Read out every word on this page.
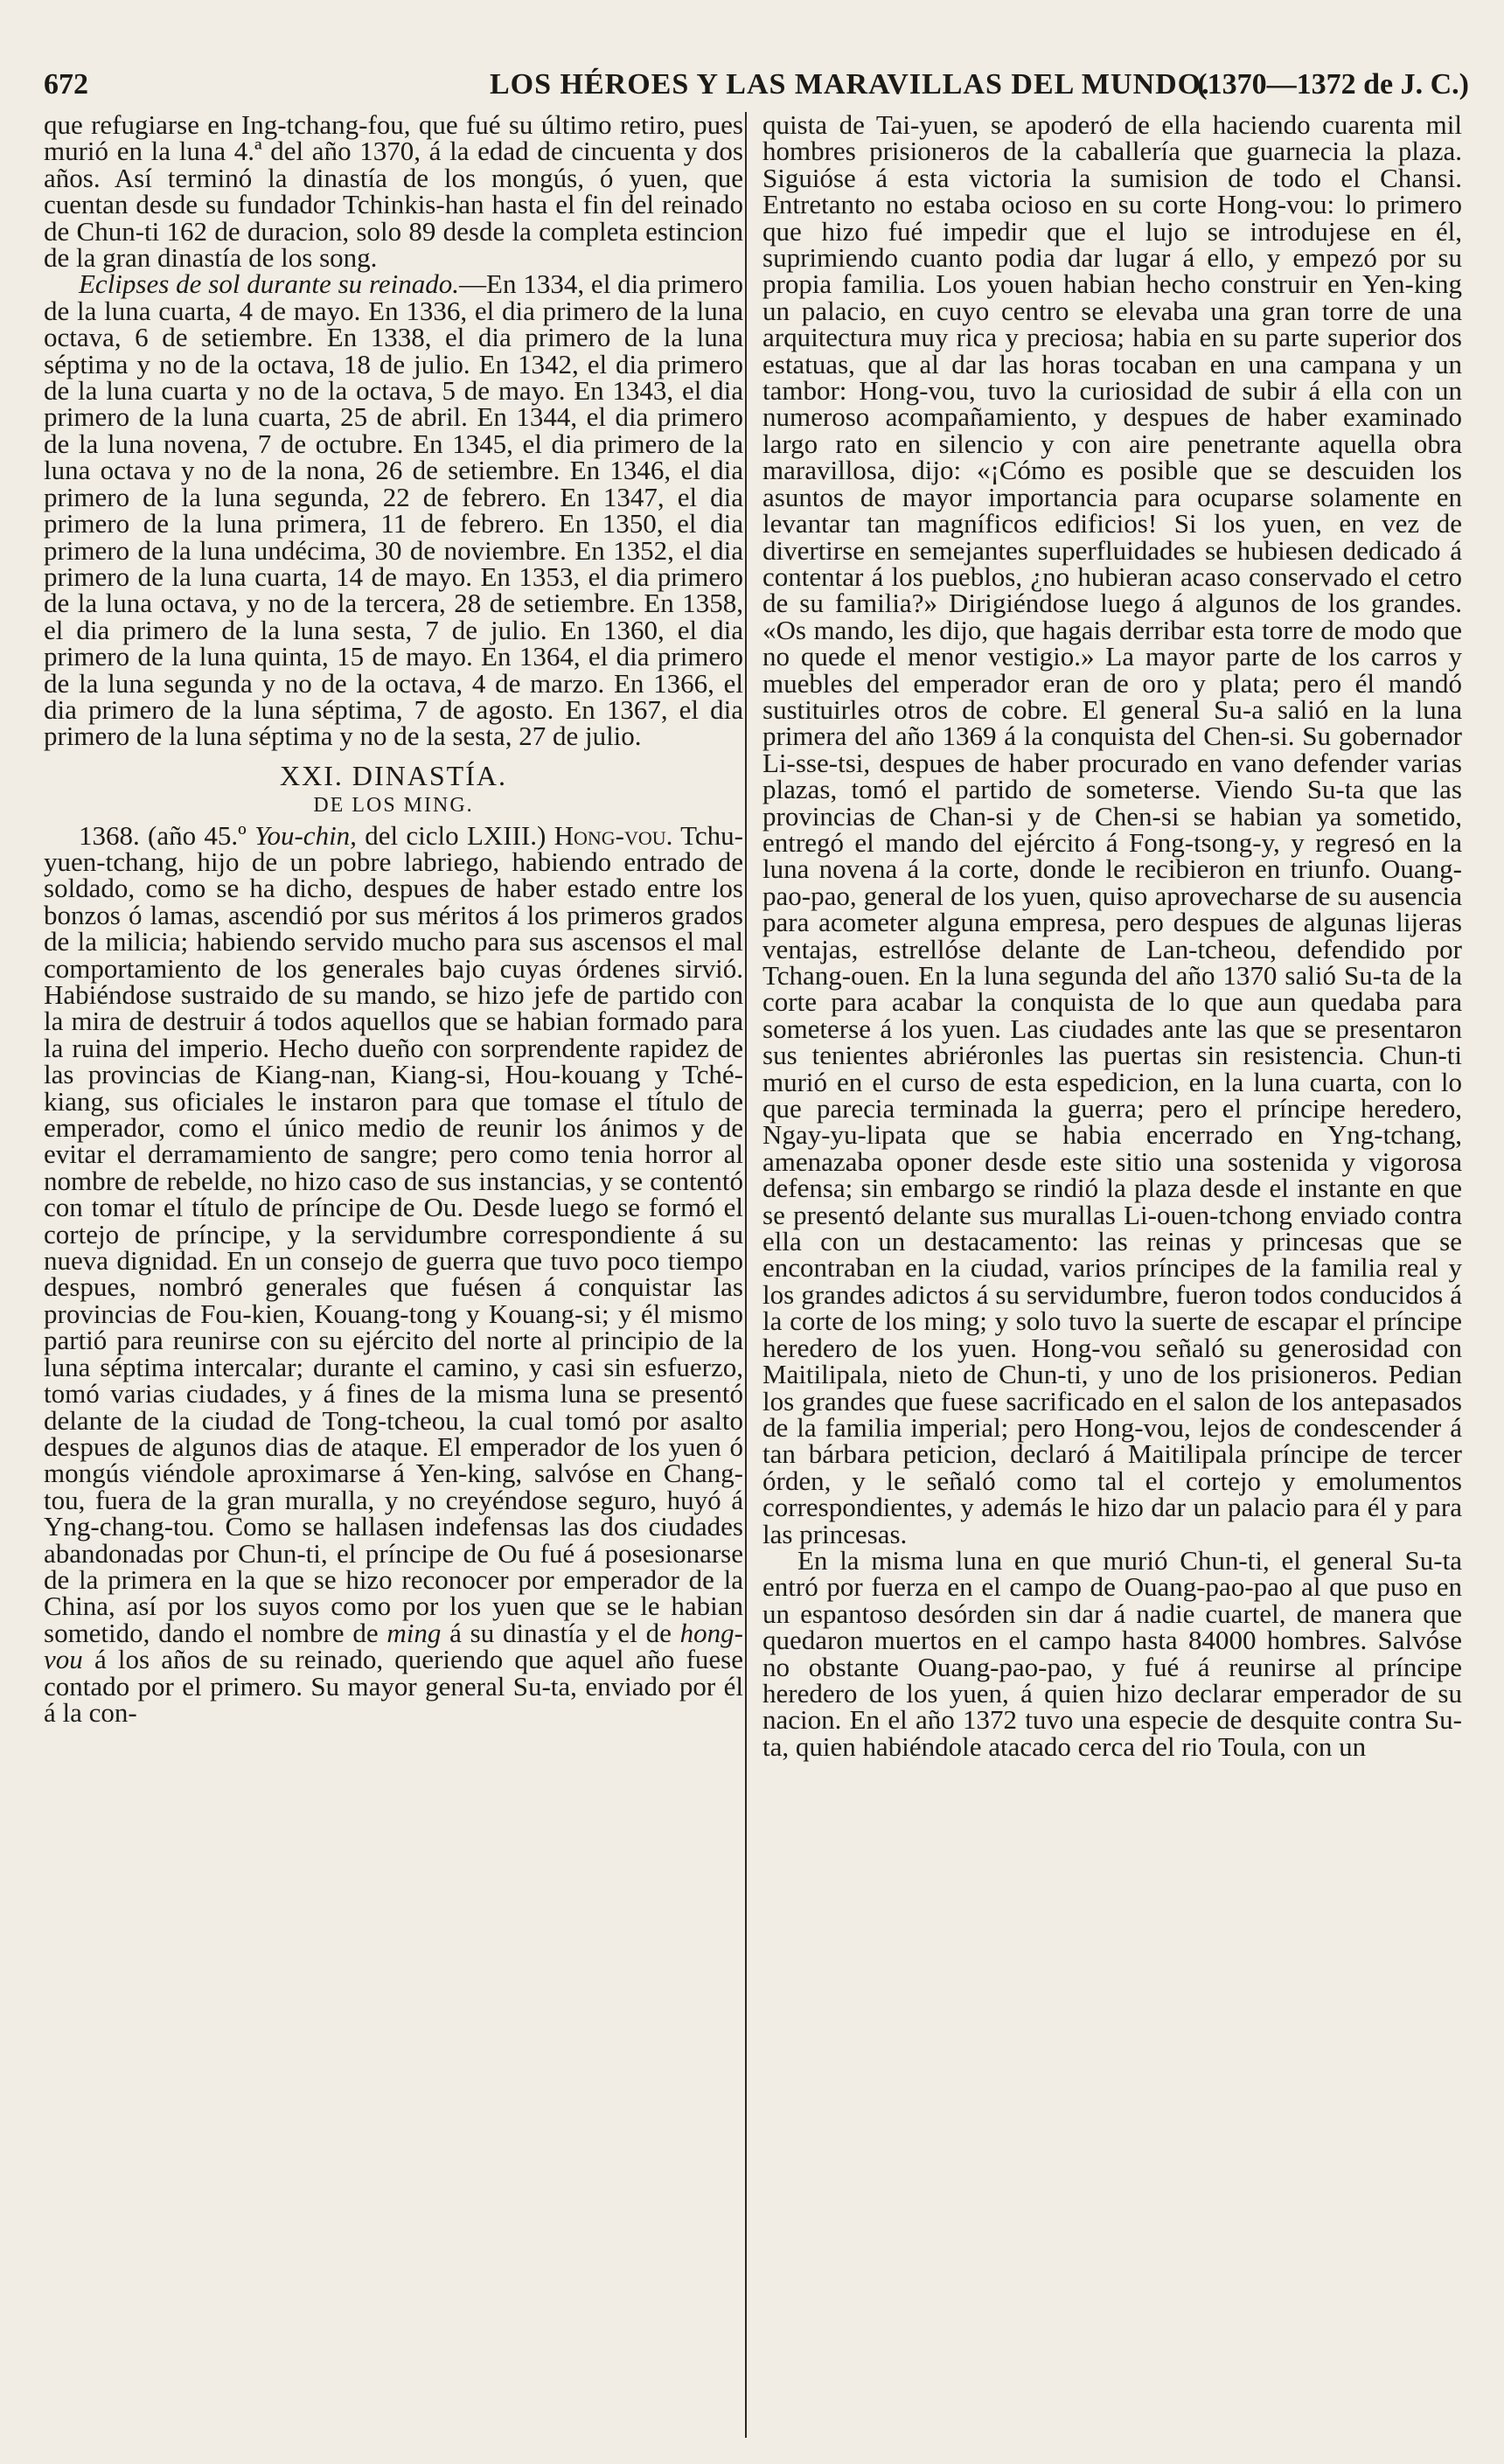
672	LOS HÉROES Y LAS MARAVILLAS DEL MUNDO.
(1370—1372 de J. C.)

que refugiarse en Ing-tchang-fou, que fué su último retiro, pues murió en la luna 4.ª del año 1370, á la edad de cincuenta y dos años. Así terminó la dinastía de los mongús, ó yuen, que cuentan desde su fundador Tchinkis-han hasta el fin del reinado de Chun-ti 162 de duracion, solo 89 desde la completa estincion de la gran dinastía de los song.

Eclipses de sol durante su reinado.—En 1334, el dia primero de la luna cuarta, 4 de mayo. En 1336, el dia primero de la luna octava, 6 de setiembre. En 1338, el dia primero de la luna séptima y no de la octava, 18 de julio. En 1342, el dia primero de la luna cuarta y no de la octava, 5 de mayo. En 1343, el dia primero de la luna cuarta, 25 de abril. En 1344, el dia primero de la luna novena, 7 de octubre. En 1345, el dia primero de la luna octava y no de la nona, 26 de setiembre. En 1346, el dia primero de la luna segunda, 22 de febrero. En 1347, el dia primero de la luna primera, 11 de febrero. En 1350, el dia primero de la luna undécima, 30 de noviembre. En 1352, el dia primero de la luna cuarta, 14 de mayo. En 1353, el dia primero de la luna octava, y no de la tercera, 28 de setiembre. En 1358, el dia primero de la luna sesta, 7 de julio. En 1360, el dia primero de la luna quinta, 15 de mayo. En 1364, el dia primero de la luna segunda y no de la octava, 4 de marzo. En 1366, el dia primero de la luna séptima, 7 de agosto. En 1367, el dia primero de la luna séptima y no de la sesta, 27 de julio.

XXI. DINASTÍA.
DE LOS MING.

1368. (año 45.º You-chin, del ciclo LXIII.) Hong-vou. Tchu-yuen-tchang, hijo de un pobre labriego, habiendo entrado de soldado, como se ha dicho, despues de haber estado entre los bonzos ó lamas, ascendió por sus méritos á los primeros grados de la milicia; habiendo servido mucho para sus ascensos el mal comportamiento de los generales bajo cuyas órdenes sirvió. Habiéndose sustraido de su mando, se hizo jefe de partido con la mira de destruir á todos aquellos que se habian formado para la ruina del imperio. Hecho dueño con sorprendente rapidez de las provincias de Kiang-nan, Kiang-si, Hou-kouang y Tché-kiang, sus oficiales le instaron para que tomase el título de emperador, como el único medio de reunir los ánimos y de evitar el derramamiento de sangre; pero como tenia horror al nombre de rebelde, no hizo caso de sus instancias, y se contentó con tomar el título de príncipe de Ou. Desde luego se formó el cortejo de príncipe, y la servidumbre correspondiente á su nueva dignidad. En un consejo de guerra que tuvo poco tiempo despues, nombró generales que fuésen á conquistar las provincias de Fou-kien, Kouang-tong y Kouang-si; y él mismo partió para reunirse con su ejército del norte al principio de la luna séptima intercalar; durante el camino, y casi sin esfuerzo, tomó varias ciudades, y á fines de la misma luna se presentó delante de la ciudad de Tong-tcheou, la cual tomó por asalto despues de algunos dias de ataque. El emperador de los yuen ó mongús viéndole aproximarse á Yen-king, salvóse en Chang-tou, fuera de la gran muralla, y no creyéndose seguro, huyó á Yng-chang-tou. Como se hallasen indefensas las dos ciudades abandonadas por Chun-ti, el príncipe de Ou fué á posesionarse de la primera en la que se hizo reconocer por emperador de la China, así por los suyos como por los yuen que se le habian sometido, dando el nombre de ming á su dinastía y el de hong-vou á los años de su reinado, queriendo que aquel año fuese contado por el primero. Su mayor general Su-ta, enviado por él á la con-

quista de Tai-yuen, se apoderó de ella haciendo cuarenta mil hombres prisioneros de la caballería que guarnecia la plaza. Siguióse á esta victoria la sumision de todo el Chansi. Entretanto no estaba ocioso en su corte Hong-vou: lo primero que hizo fué impedir que el lujo se introdujese en él, suprimiendo cuanto podia dar lugar á ello, y empezó por su propia familia. Los youen habian hecho construir en Yen-king un palacio, en cuyo centro se elevaba una gran torre de una arquitectura muy rica y preciosa; habia en su parte superior dos estatuas, que al dar las horas tocaban en una campana y un tambor: Hong-vou, tuvo la curiosidad de subir á ella con un numeroso acompañamiento, y despues de haber examinado largo rato en silencio y con aire penetrante aquella obra maravillosa, dijo: «¡Cómo es posible que se descuiden los asuntos de mayor importancia para ocuparse solamente en levantar tan magníficos edificios! Si los yuen, en vez de divertirse en semejantes superfluidades se hubiesen dedicado á contentar á los pueblos, ¿no hubieran acaso conservado el cetro de su familia?» Dirigiéndose luego á algunos de los grandes. «Os mando, les dijo, que hagais derribar esta torre de modo que no quede el menor vestigio.» La mayor parte de los carros y muebles del emperador eran de oro y plata; pero él mandó sustituirles otros de cobre. El general Su-a salió en la luna primera del año 1369 á la conquista del Chen-si. Su gobernador Li-sse-tsi, despues de haber procurado en vano defender varias plazas, tomó el partido de someterse. Viendo Su-ta que las provincias de Chan-si y de Chen-si se habian ya sometido, entregó el mando del ejército á Fong-tsong-y, y regresó en la luna novena á la corte, donde le recibieron en triunfo. Ouang-pao-pao, general de los yuen, quiso aprovecharse de su ausencia para acometer alguna empresa, pero despues de algunas lijeras ventajas, estrellóse delante de Lan-tcheou, defendido por Tchang-ouen. En la luna segunda del año 1370 salió Su-ta de la corte para acabar la conquista de lo que aun quedaba para someterse á los yuen. Las ciudades ante las que se presentaron sus tenientes abriéronles las puertas sin resistencia. Chun-ti murió en el curso de esta espedicion, en la luna cuarta, con lo que parecia terminada la guerra; pero el príncipe heredero, Ngay-yu-lipata que se habia encerrado en Yng-tchang, amenazaba oponer desde este sitio una sostenida y vigorosa defensa; sin embargo se rindió la plaza desde el instante en que se presentó delante sus murallas Li-ouen-tchong enviado contra ella con un destacamento: las reinas y princesas que se encontraban en la ciudad, varios príncipes de la familia real y los grandes adictos á su servidumbre, fueron todos conducidos á la corte de los ming; y solo tuvo la suerte de escapar el príncipe heredero de los yuen. Hong-vou señaló su generosidad con Maitilipala, nieto de Chun-ti, y uno de los prisioneros. Pedian los grandes que fuese sacrificado en el salon de los antepasados de la familia imperial; pero Hong-vou, lejos de condescender á tan bárbara peticion, declaró á Maitilipala príncipe de tercer órden, y le señaló como tal el cortejo y emolumentos correspondientes, y además le hizo dar un palacio para él y para las princesas.

En la misma luna en que murió Chun-ti, el general Su-ta entró por fuerza en el campo de Ouang-pao-pao al que puso en un espantoso desórden sin dar á nadie cuartel, de manera que quedaron muertos en el campo hasta 84000 hombres. Salvóse no obstante Ouang-pao-pao, y fué á reunirse al príncipe heredero de los yuen, á quien hizo declarar emperador de su nacion. En el año 1372 tuvo una especie de desquite contra Su-ta, quien habiéndole atacado cerca del rio Toula, con un
